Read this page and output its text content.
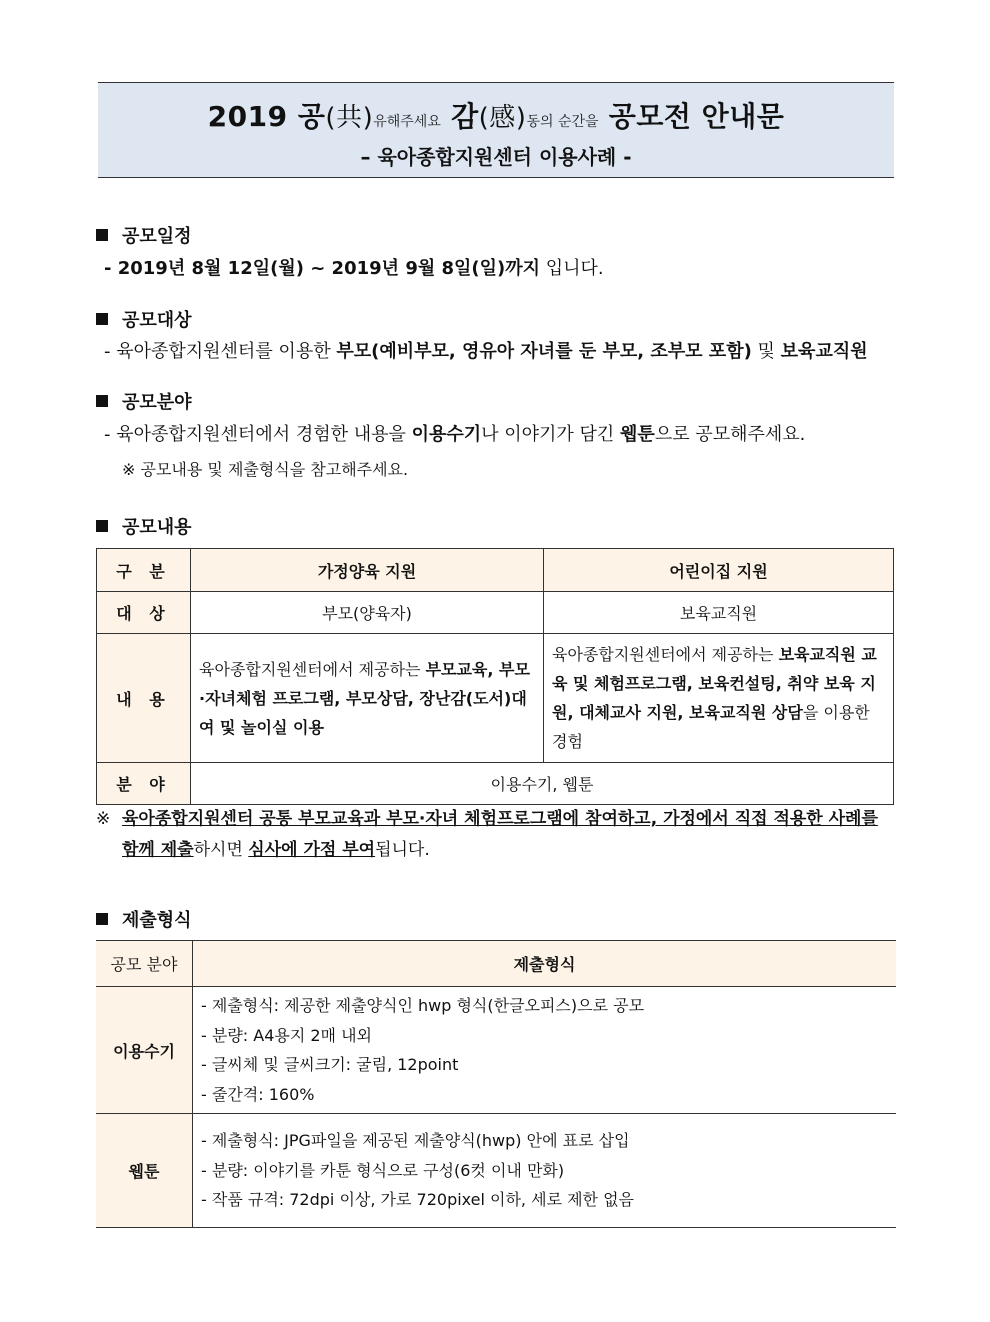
2019 공(共)유해주세요 감(感)동의 순간을 공모전 안내문
– 육아종합지원센터 이용사례 -
공모일정
- 2019년 8월 12일(월) ~ 2019년 9월 8일(일)까지 입니다.
공모대상
- 육아종합지원센터를 이용한 부모(예비부모, 영유아 자녀를 둔 부모, 조부모 포함) 및 보육교직원
공모분야
- 육아종합지원센터에서 경험한 내용을 이용수기나 이야기가 담긴 웹툰으로 공모해주세요.
※ 공모내용 및 제출형식을 참고해주세요.
공모내용
구 분	가정양육 지원	어린이집 지원
대 상	부모(양육자)	보육교직원
내 용	육아종합지원센터에서 제공하는 부모교육, 부모·자녀체험 프로그램, 부모상담, 장난감(도서)대여 및 놀이실 이용	육아종합지원센터에서 제공하는 보육교직원 교육 및 체험프로그램, 보육컨설팅, 취약 보육 지원, 대체교사 지원, 보육교직원 상담을 이용한 경험
분 야	이용수기, 웹툰	
※ 육아종합지원센터 공통 부모교육과 부모·자녀 체험프로그램에 참여하고, 가정에서 직접 적용한 사례를 함께 제출하시면 심사에 가점 부여됩니다.
제출형식
공모 분야	제출형식
이용수기	- 제출형식: 제공한 제출양식인 hwp 형식(한글오피스)으로 공모
- 분량: A4용지 2매 내외
- 글씨체 및 글씨크기: 굴림, 12point
- 줄간격: 160%

웹툰	- 제출형식: JPG파일을 제공된 제출양식(hwp) 안에 표로 삽입
- 분량: 이야기를 카툰 형식으로 구성(6컷 이내 만화)
- 작품 규격: 72dpi 이상, 가로 720pixel 이하, 세로 제한 없음
